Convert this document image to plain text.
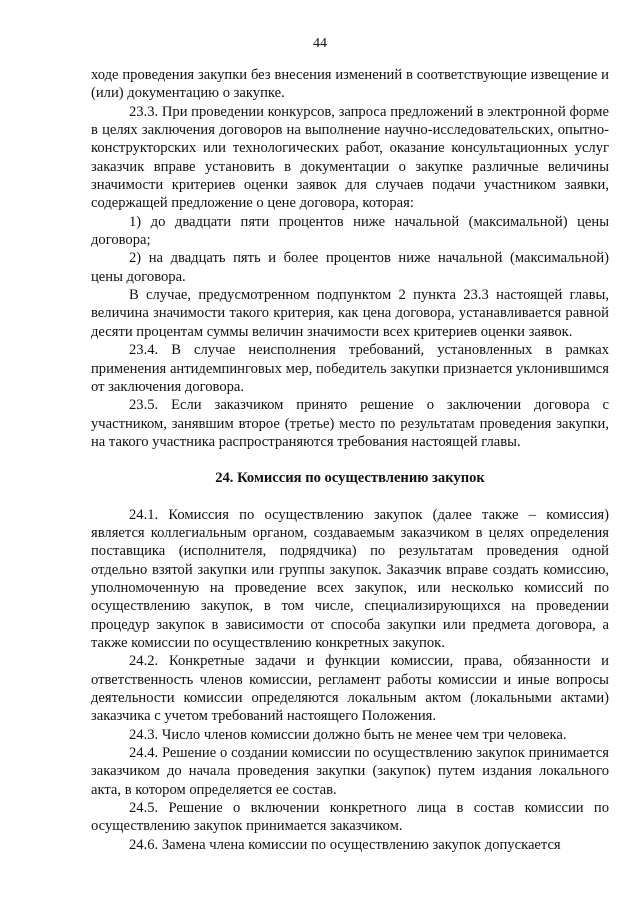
44

ходе проведения закупки без внесения изменений в соответствующие извещение и (или) документацию о закупке.

23.3. При проведении конкурсов, запроса предложений в электронной форме в целях заключения договоров на выполнение научно-исследовательских, опытно-конструкторских или технологических работ, оказание консультационных услуг заказчик вправе установить в документации о закупке различные величины значимости критериев оценки заявок для случаев подачи участником заявки, содержащей предложение о цене договора, которая:

1) до двадцати пяти процентов ниже начальной (максимальной) цены договора;

2) на двадцать пять и более процентов ниже начальной (максимальной) цены договора.

В случае, предусмотренном подпунктом 2 пункта 23.3 настоящей главы, величина значимости такого критерия, как цена договора, устанавливается равной десяти процентам суммы величин значимости всех критериев оценки заявок.

23.4. В случае неисполнения требований, установленных в рамках применения антидемпинговых мер, победитель закупки признается уклонившимся от заключения договора.

23.5. Если заказчиком принято решение о заключении договора с участником, занявшим второе (третье) место по результатам проведения закупки, на такого участника распространяются требования настоящей главы.

24. Комиссия по осуществлению закупок

24.1. Комиссия по осуществлению закупок (далее также – комиссия) является коллегиальным органом, создаваемым заказчиком в целях определения поставщика (исполнителя, подрядчика) по результатам проведения одной отдельно взятой закупки или группы закупок. Заказчик вправе создать комиссию, уполномоченную на проведение всех закупок, или несколько комиссий по осуществлению закупок, в том числе, специализирующихся на проведении процедур закупок в зависимости от способа закупки или предмета договора, а также комиссии по осуществлению конкретных закупок.

24.2. Конкретные задачи и функции комиссии, права, обязанности и ответственность членов комиссии, регламент работы комиссии и иные вопросы деятельности комиссии определяются локальным актом (локальными актами) заказчика с учетом требований настоящего Положения.

24.3. Число членов комиссии должно быть не менее чем три человека.

24.4. Решение о создании комиссии по осуществлению закупок принимается заказчиком до начала проведения закупки (закупок) путем издания локального акта, в котором определяется ее состав.

24.5. Решение о включении конкретного лица в состав комиссии по осуществлению закупок принимается заказчиком.

24.6. Замена члена комиссии по осуществлению закупок допускается
